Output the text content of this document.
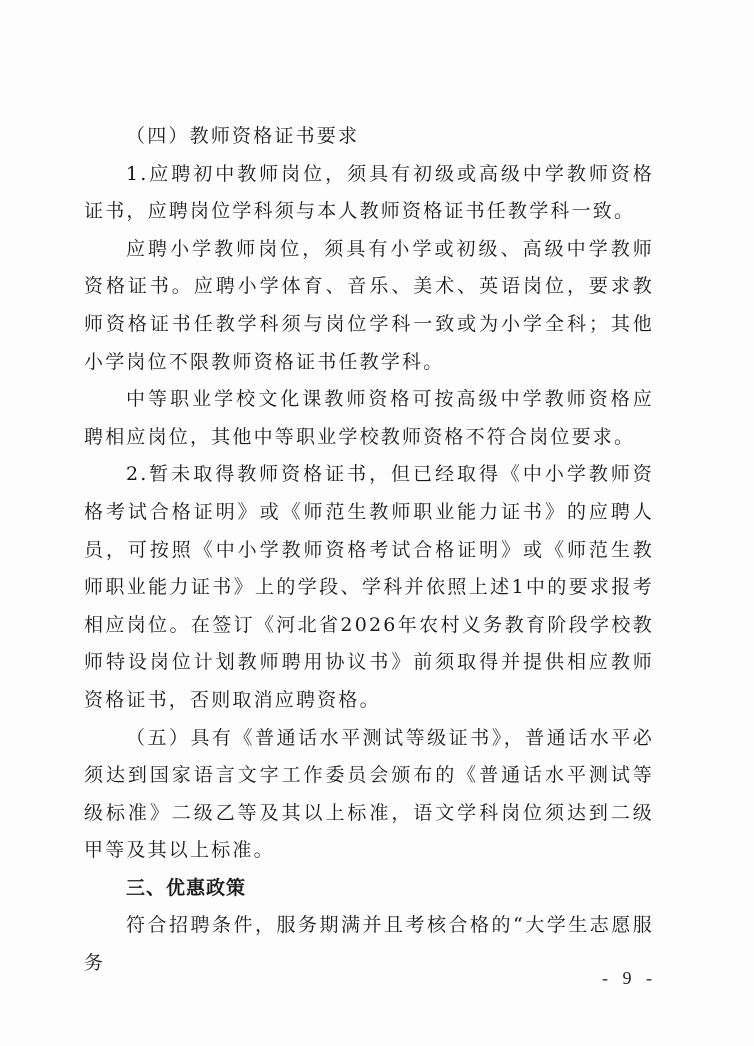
（四）教师资格证书要求

1.应聘初中教师岗位，须具有初级或高级中学教师资格证书，应聘岗位学科须与本人教师资格证书任教学科一致。

应聘小学教师岗位，须具有小学或初级、高级中学教师资格证书。应聘小学体育、音乐、美术、英语岗位，要求教师资格证书任教学科须与岗位学科一致或为小学全科；其他小学岗位不限教师资格证书任教学科。

中等职业学校文化课教师资格可按高级中学教师资格应聘相应岗位，其他中等职业学校教师资格不符合岗位要求。

2.暂未取得教师资格证书，但已经取得《中小学教师资格考试合格证明》或《师范生教师职业能力证书》的应聘人员，可按照《中小学教师资格考试合格证明》或《师范生教师职业能力证书》上的学段、学科并依照上述1中的要求报考相应岗位。在签订《河北省2026年农村义务教育阶段学校教师特设岗位计划教师聘用协议书》前须取得并提供相应教师资格证书，否则取消应聘资格。

（五）具有《普通话水平测试等级证书》，普通话水平必须达到国家语言文字工作委员会颁布的《普通话水平测试等级标准》二级乙等及其以上标准，语文学科岗位须达到二级甲等及其以上标准。

三、优惠政策

符合招聘条件，服务期满并且考核合格的“大学生志愿服务

- 9 -
